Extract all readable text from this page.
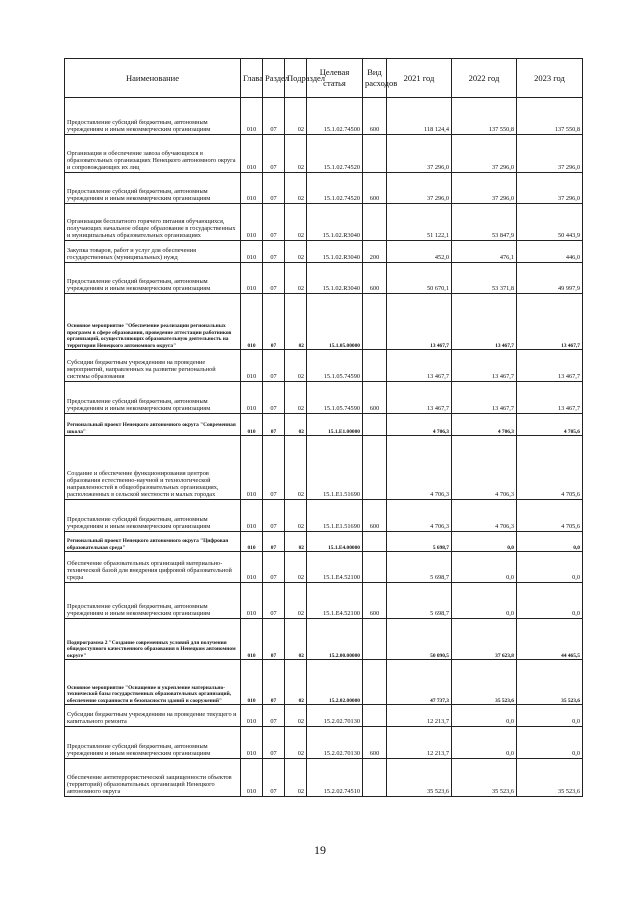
Наименование	Глава	Раздел	Подраздел	Целевая статья	Вид расходов	2021 год	2022 год	2023 год
Предоставление субсидий бюджетным, автономным учреждениям и иным некоммерческим организациям	010	07	02	15.1.02.74500	600	118 124,4	137 550,8	137 550,8
Организация и обеспечение завоза обучающихся в образовательных организациях Ненецкого автономного округа и сопровождающих их лиц	010	07	02	15.1.02.74520		37 296,0	37 296,0	37 296,0
Предоставление субсидий бюджетным, автономным учреждениям и иным некоммерческим организациям	010	07	02	15.1.02.74520	600	37 296,0	37 296,0	37 296,0
Организация бесплатного горячего питания обучающихся, получающих начальное общее образование в государственных и муниципальных образовательных организациях	010	07	02	15.1.02.R3040		51 122,1	53 847,9	50 443,9
Закупка товаров, работ и услуг для обеспечения государственных (муниципальных) нужд	010	07	02	15.1.02.R3040	200	452,0	476,1	446,0
Предоставление субсидий бюджетным, автономным учреждениям и иным некоммерческим организациям	010	07	02	15.1.02.R3040	600	50 670,1	53 371,8	49 997,9
Основное мероприятие "Обеспечение реализации региональных программ в сфере образования, проведение аттестации работников организаций, осуществляющих образовательную деятельность на территории Ненецкого автономного округа"	010	07	02	15.1.05.00000		13 467,7	13 467,7	13 467,7
Субсидии бюджетным учреждениям на проведение мероприятий, направленных на развитие региональной системы образования	010	07	02	15.1.05.74590		13 467,7	13 467,7	13 467,7
Предоставление субсидий бюджетным, автономным учреждениям и иным некоммерческим организациям	010	07	02	15.1.05.74590	600	13 467,7	13 467,7	13 467,7
Региональный проект Ненецкого автономного округа "Современная школа"	010	07	02	15.1.E1.00000		4 706,3	4 706,3	4 705,6
Создание и обеспечение функционирования центров образования естественно-научной и технологической направленностей в общеобразовательных организациях, расположенных в сельской местности и малых городах	010	07	02	15.1.E1.51690		4 706,3	4 706,3	4 705,6
Предоставление субсидий бюджетным, автономным учреждениям и иным некоммерческим организациям	010	07	02	15.1.E1.51690	600	4 706,3	4 706,3	4 705,6
Региональный проект Ненецкого автономного округа "Цифровая образовательная среда"	010	07	02	15.1.E4.00000		5 698,7	0,0	0,0
Обеспечение образовательных организаций материально-технической базой для внедрения цифровой образовательной среды	010	07	02	15.1.E4.52100		5 698,7	0,0	0,0
Предоставление субсидий бюджетным, автономным учреждениям и иным некоммерческим организациям	010	07	02	15.1.E4.52100	600	5 698,7	0,0	0,0
Подпрограмма 2 "Создание современных условий для получения общедоступного качественного образования в Ненецком автономном округе"	010	07	02	15.2.00.00000		50 090,5	37 623,8	44 465,5
Основное мероприятие "Оснащение и укрепление материально-технической базы государственных образовательных организаций, обеспечение сохранности и безопасности зданий и сооружений"	010	07	02	15.2.02.00000		47 737,3	35 523,6	35 523,6
Субсидии бюджетным учреждениям на проведение текущего и капитального ремонта	010	07	02	15.2.02.70130		12 213,7	0,0	0,0
Предоставление субсидий бюджетным, автономным учреждениям и иным некоммерческим организациям	010	07	02	15.2.02.70130	600	12 213,7	0,0	0,0
Обеспечение антитеррористической защищенности объектов (территорий) образовательных организаций Ненецкого автономного округа	010	07	02	15.2.02.74510		35 523,6	35 523,6	35 523,6
19
